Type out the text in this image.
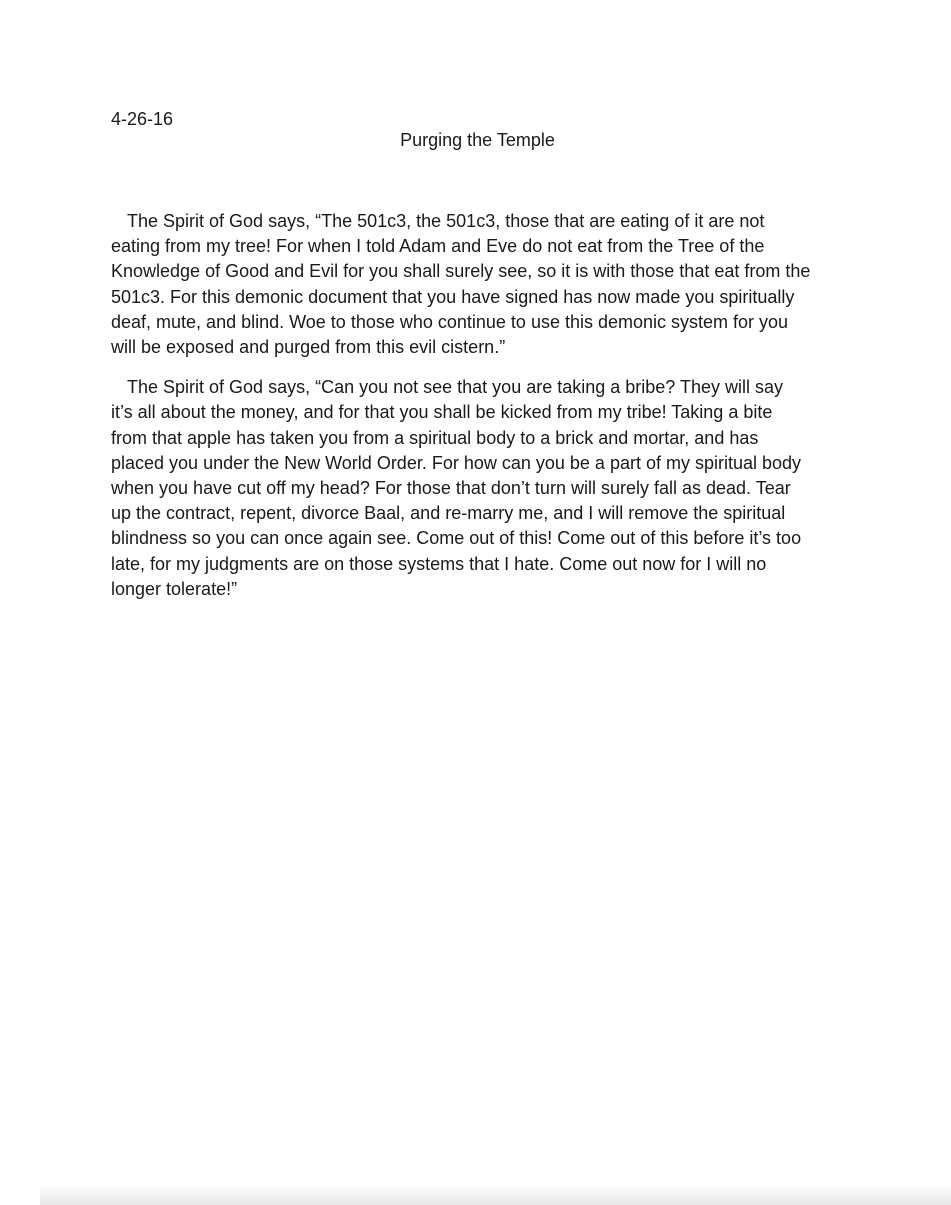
4-26-16
Purging the Temple

The Spirit of God says, “The 501c3, the 501c3, those that are eating of it are not
eating from my tree! For when I told Adam and Eve do not eat from the Tree of the
Knowledge of Good and Evil for you shall surely see, so it is with those that eat from the
501c3. For this demonic document that you have signed has now made you spiritually
deaf, mute, and blind. Woe to those who continue to use this demonic system for you
will be exposed and purged from this evil cistern.”

The Spirit of God says, “Can you not see that you are taking a bribe? They will say
it’s all about the money, and for that you shall be kicked from my tribe! Taking a bite
from that apple has taken you from a spiritual body to a brick and mortar, and has
placed you under the New World Order. For how can you be a part of my spiritual body
when you have cut off my head? For those that don’t turn will surely fall as dead. Tear
up the contract, repent, divorce Baal, and re-marry me, and I will remove the spiritual
blindness so you can once again see. Come out of this! Come out of this before it’s too
late, for my judgments are on those systems that I hate. Come out now for I will no
longer tolerate!”
